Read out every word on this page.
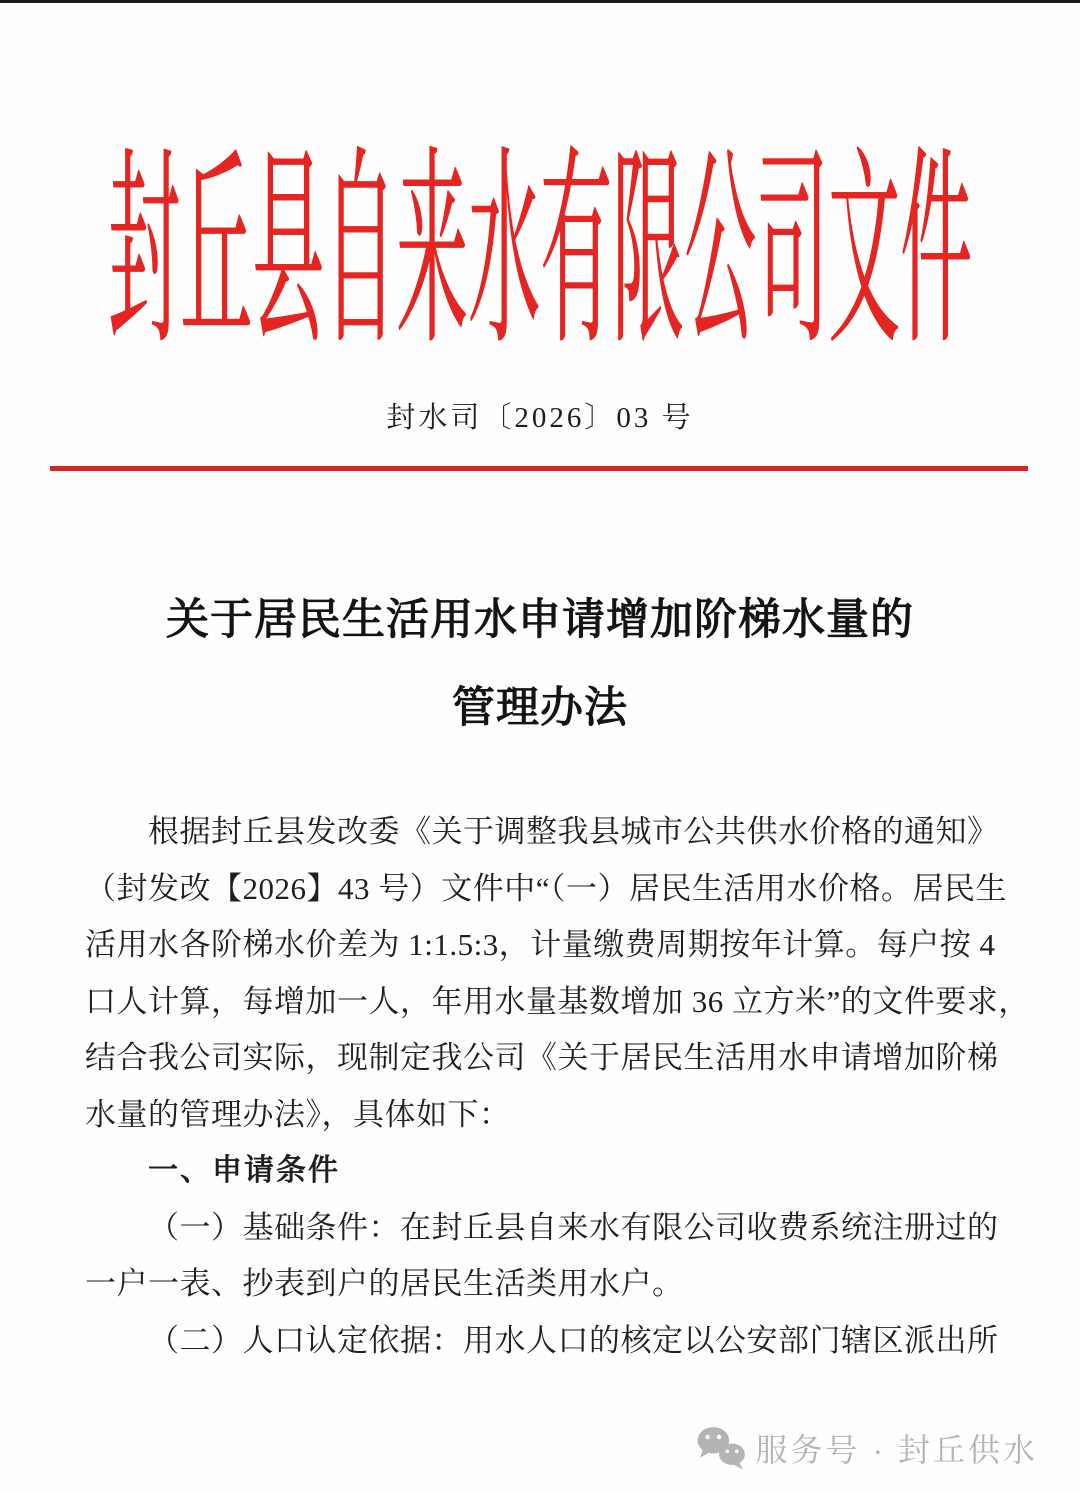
封丘县自来水有限公司文件
封水司〔2026〕03 号
关于居民生活用水申请增加阶梯水量的
管理办法
根据封丘县发改委《关于调整我县城市公共供水价格的通知》
（封发改【2026】43 号）文件中“（一）居民生活用水价格。居民生
活用水各阶梯水价差为 1:1.5:3，计量缴费周期按年计算。每户按 4
口人计算，每增加一人，年用水量基数增加 36 立方米”的文件要求，
结合我公司实际，现制定我公司《关于居民生活用水申请增加阶梯
水量的管理办法》，具体如下：
一、申请条件
（一）基础条件：在封丘县自来水有限公司收费系统注册过的
一户一表、抄表到户的居民生活类用水户。
（二）人口认定依据：用水人口的核定以公安部门辖区派出所
服务号 · 封丘供水
